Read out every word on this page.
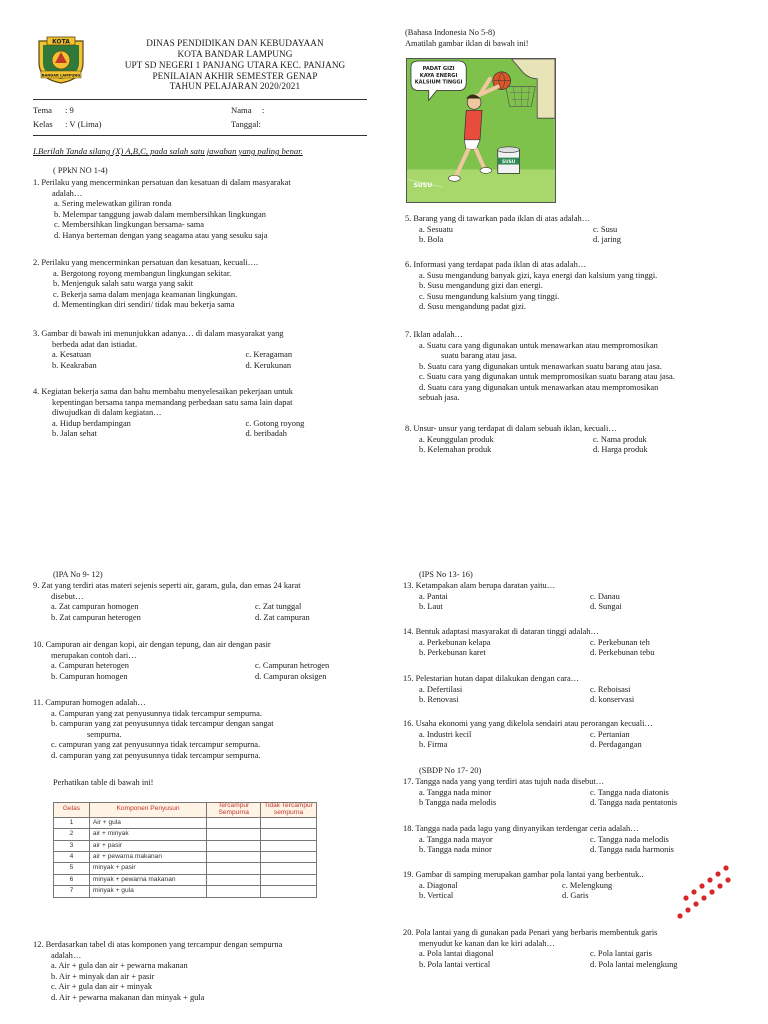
KOTA
BANDAR LAMPUNG
DINAS PENDIDIKAN DAN KEBUDAYAAN
KOTA BANDAR LAMPUNG
UPT SD NEGERI 1 PANJANG UTARA KEC. PANJANG
PENILAIAN AKHIR SEMESTER GENAP
TAHUN PELAJARAN 2020/2021
Tema : 9	Nama :
Kelas : V (Lima)	Tanggal:
I.Berilah Tanda silang (X) A,B,C, pada salah satu jawaban yang paling benar.
( PPkN NO 1-4)
1. Perilaku yang mencerminkan persatuan dan kesatuan di dalam masyarakat
adalah…
a. Sering melewatkan giliran ronda
b. Melempar tanggung jawab dalam membersihkan lingkungan
c. Membersihkan lingkungan bersama- sama
d. Hanya berteman dengan yang seagama atau yang sesuku saja
2. Perilaku yang mencerminkan persatuan dan kesatuan, kecuali….
a. Bergotong royong membangun lingkungan sekitar.
b. Menjenguk salah satu warga yang sakit
c. Bekerja sama dalam menjaga keamanan lingkungan.
d. Mementingkan diri sendiri/ tidak mau bekerja sama
3. Gambar di bawah ini menunjukkan adanya… di dalam masyarakat yang
berbeda adat dan istiadat.
a. Kesatuan	c. Keragaman
b. Keakraban	d. Kerukunan
4. Kegiatan bekerja sama dan bahu membahu menyelesaikan pekerjaan untuk
kepentingan bersama tanpa memandang perbedaan satu sama lain dapat
diwujudkan di dalam kegiatan…
a. Hidup berdampingan	c. Gotong royong
b. Jalan sehat	d. beribadah
(Bahasa Indonesia No 5-8)
Amatilah gambar iklan di bawah ini!
PADAT GIZI
KAYA ENERGI
KALSIUM TINGGI
SUSU
SUSU
5. Barang yang di tawarkan pada iklan di atas adalah…
a. Sesuatu	c. Susu
b. Bola	d. jaring
6. Informasi yang terdapat pada iklan di atas adalah…
a. Susu mengandung banyak gizi, kaya energi dan kalsium yang tinggi.
b. Susu mengandung gizi dan energi.
c. Susu mengandung kalsium yang tinggi.
d. Susu mengandung padat gizi.
7. Iklan adalah…
a. Suatu cara yang digunakan untuk menawarkan atau mempromosikan
suatu barang atau jasa.
b. Suatu cara yang digunakan untuk menawarkan suatu barang atau jasa.
c. Suatu cara yang digunakan untuk mempromosikan suatu barang atau jasa.
d. Suatu cara yang digunakan untuk menawarkan atau mempromosikan
sebuah jasa.
8. Unsur- unsur yang terdapat di dalam sebuah iklan, kecuali…
a. Keunggulan produk	c. Nama produk
b. Kelemahan produk	d. Harga produk
(IPA No 9- 12)
9. Zat yang terdiri atas materi sejenis seperti air, garam, gula, dan emas 24 karat
disebut…
a. Zat campuran homogen	c. Zat tunggal
b. Zat campuran heterogen	d. Zat campuran
10. Campuran air dengan kopi, air dengan tepung, dan air dengan pasir
merupakan contoh dari…
a. Campuran heterogen	c. Campuran hetrogen
b. Campuran homogen	d. Campuran oksigen
11. Campuran homogen adalah…
a. Campuran yang zat penyusunnya tidak tercampur sempurna.
b. campuran yang zat penyusunnya tidak tercampur dengan sangat
sempurna.
c. campuran yang zat penyusunnya tidak tercampur sempurna.
d. campuran yang zat penyusunnya tidak tercampur sempurna.
Perhatikan table di bawah ini!
Gelas	Komponen Penyusun	Tercampur Sempurna	Tidak Tercampur sempurna
1	Air + gula		
2	air + minyak		
3	air + pasir		
4	air + pewarna makanan		
5	minyak + pasir		
6	minyak + pewarna makanan		
7	minyak + gula		
12. Berdasarkan tabel di atas komponen yang tercampur dengan sempurna
adalah…
a. Air + gula dan air + pewarna makanan
b. Air + minyak dan air + pasir
c. Air + gula dan air + minyak
d. Air + pewarna makanan dan minyak + gula
(IPS No 13- 16)
13. Ketampakan alam berupa daratan yaitu…
a. Pantai	c. Danau
b. Laut	d. Sungai
14. Bentuk adaptasi masyarakat di dataran tinggi adalah…
a. Perkebunan kelapa	c. Perkebunan teh
b. Perkebunan karet	d. Perkebunan tebu
15. Pelestarian hutan dapat dilakukan dengan cara…
a. Defertilasi	c. Reboisasi
b. Renovasi	d. konservasi
16. Usaha ekonomi yang yang dikelola sendairi atau perorangan kecuali…
a. Industri kecil	c. Pertanian
b. Firma	d. Perdagangan
(SBDP No 17- 20)
17. Tangga nada yang yang terdiri atas tujuh nada disebut…
a. Tangga nada minor	c. Tangga nada diatonis
b Tangga nada melodis	d. Tangga nada pentatonis
18. Tangga nada pada lagu yang dinyanyikan terdengar ceria adalah…
a. Tangga nada mayor	c. Tangga nada melodis
b. Tangga nada minor	d. Tangga nada harmonis
19. Gambar di samping merupakan gambar pola lantai yang berbentuk..
a. Diagonal	c. Melengkung
b. Vertical	d. Garis
20. Pola lantai yang di gunakan pada Penari yang berbaris membentuk garis
menyudut ke kanan dan ke kiri adalah…
a. Pola lantai diagonal	c. Pola lantai garis
b. Pola lantai vertical	d. Pola lantai melengkung
